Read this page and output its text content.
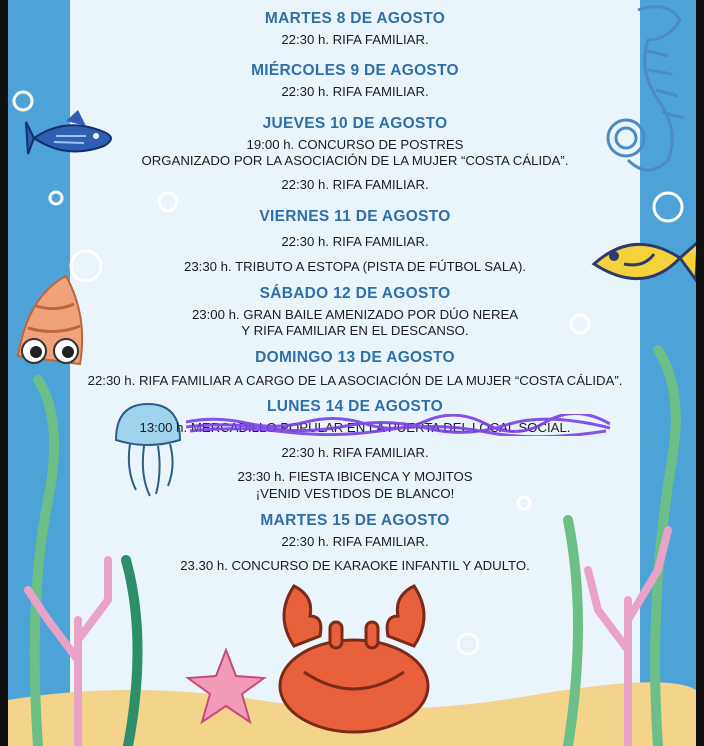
MARTES 8 DE AGOSTO
22:30 h. RIFA FAMILIAR.
MIÉRCOLES 9 DE AGOSTO
22:30 h. RIFA FAMILIAR.
JUEVES 10 DE AGOSTO
19:00 h. CONCURSO DE POSTRES
ORGANIZADO POR LA ASOCIACIÓN DE LA MUJER “COSTA CÁLIDA”.
22:30 h. RIFA FAMILIAR.
VIERNES 11 DE AGOSTO
22:30 h. RIFA FAMILIAR.
23:30 h. TRIBUTO A ESTOPA (PISTA DE FÚTBOL SALA).
SÁBADO 12 DE AGOSTO
23:00 h. GRAN BAILE AMENIZADO POR DÚO NEREA
Y RIFA FAMILIAR EN EL DESCANSO.
DOMINGO 13 DE AGOSTO
22:30 h. RIFA FAMILIAR A CARGO DE LA ASOCIACIÓN DE LA MUJER “COSTA CÁLIDA”.
LUNES 14 DE AGOSTO
13:00 h. MERCADILLO POPULAR EN LA PUERTA DEL LOCAL SOCIAL.
22:30 h. RIFA FAMILIAR.
23:30 h. FIESTA IBICENCA Y MOJITOS
¡VENID VESTIDOS DE BLANCO!
MARTES 15 DE AGOSTO
22:30 h. RIFA FAMILIAR.
23.30 h. CONCURSO DE KARAOKE INFANTIL Y ADULTO.
